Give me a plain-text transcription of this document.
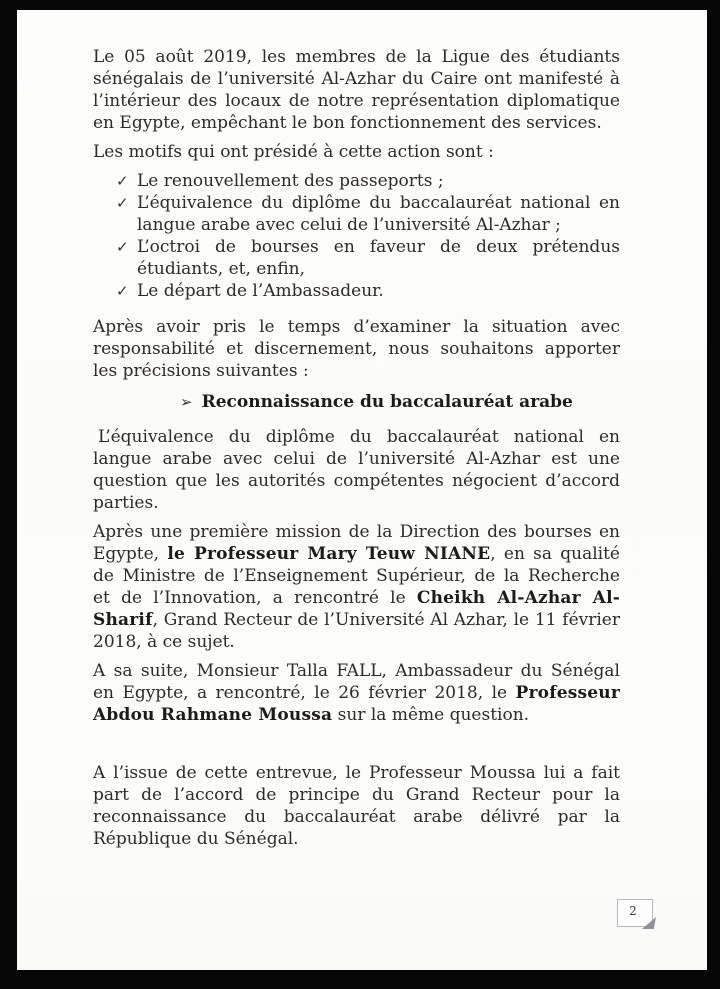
Le 05 août 2019, les membres de la Ligue des étudiants sénégalais de l’université Al-Azhar du Caire ont manifesté à l’intérieur des locaux de notre représentation diplomatique en Egypte, empêchant le bon fonctionnement des services.

Les motifs qui ont présidé à cette action sont :

✓ Le renouvellement des passeports ;
✓ L’équivalence du diplôme du baccalauréat national en langue arabe avec celui de l’université Al-Azhar ;
✓ L’octroi de bourses en faveur de deux prétendus étudiants, et, enfin,
✓ Le départ de l’Ambassadeur.

Après avoir pris le temps d’examiner la situation avec responsabilité et discernement, nous souhaitons apporter les précisions suivantes :

➢ Reconnaissance du baccalauréat arabe

L’équivalence du diplôme du baccalauréat national en langue arabe avec celui de l’université Al-Azhar est une question que les autorités compétentes négocient d’accord parties.

Après une première mission de la Direction des bourses en Egypte, le Professeur Mary Teuw NIANE, en sa qualité de Ministre de l’Enseignement Supérieur, de la Recherche et de l’Innovation, a rencontré le Cheikh Al-Azhar Al-Sharif, Grand Recteur de l’Université Al Azhar, le 11 février 2018, à ce sujet.

A sa suite, Monsieur Talla FALL, Ambassadeur du Sénégal en Egypte, a rencontré, le 26 février 2018, le Professeur Abdou Rahmane Moussa sur la même question.

A l’issue de cette entrevue, le Professeur Moussa lui a fait part de l’accord de principe du Grand Recteur pour la reconnaissance du baccalauréat arabe délivré par la République du Sénégal.

2
